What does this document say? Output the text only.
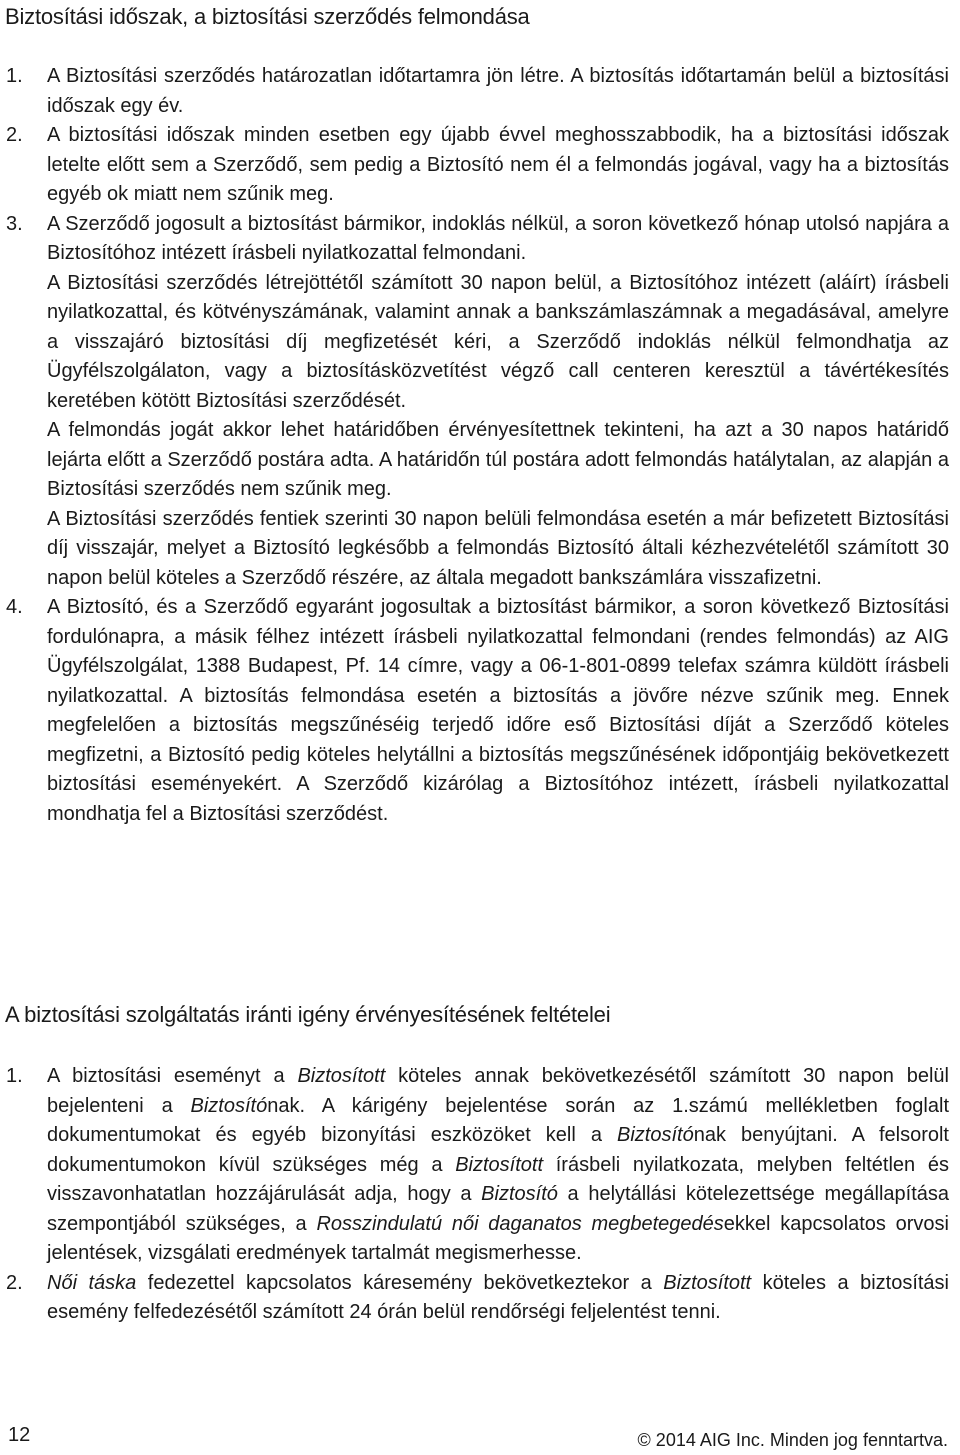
Biztosítási időszak, a biztosítási szerződés felmondása
1. A Biztosítási szerződés határozatlan időtartamra jön létre. A biztosítás időtartamán belül a biztosítási időszak egy év.

2. A biztosítási időszak minden esetben egy újabb évvel meghosszabbodik, ha a biztosítási időszak letelte előtt sem a Szerződő, sem pedig a Biztosító nem él a felmondás jogával, vagy ha a biztosítás egyéb ok miatt nem szűnik meg.

3. A Szerződő jogosult a biztosítást bármikor, indoklás nélkül, a soron következő hónap utolsó napjára a Biztosítóhoz intézett írásbeli nyilatkozattal felmondani.

A Biztosítási szerződés létrejöttétől számított 30 napon belül, a Biztosítóhoz intézett (aláírt) írásbeli nyilatkozattal, és kötvényszámának, valamint annak a bankszámlaszámnak a megadásával, amelyre a visszajáró biztosítási díj megfizetését kéri, a Szerződő indoklás nélkül felmondhatja az Ügyfélszolgálaton, vagy a biztosításközvetítést végző call centeren keresztül a távértékesítés keretében kötött Biztosítási szerződését.

A felmondás jogát akkor lehet határidőben érvényesítettnek tekinteni, ha azt a 30 napos határidő lejárta előtt a Szerződő postára adta. A határidőn túl postára adott felmondás hatálytalan, az alapján a Biztosítási szerződés nem szűnik meg.

A Biztosítási szerződés fentiek szerinti 30 napon belüli felmondása esetén a már befizetett Biztosítási díj visszajár, melyet a Biztosító legkésőbb a felmondás Biztosító általi kézhezvételétől számított 30 napon belül köteles a Szerződő részére, az általa megadott bankszámlára visszafizetni.

4. A Biztosító, és a Szerződő egyaránt jogosultak a biztosítást bármikor, a soron következő Biztosítási fordulónapra, a másik félhez intézett írásbeli nyilatkozattal felmondani (rendes felmondás) az AIG Ügyfélszolgálat, 1388 Budapest, Pf. 14 címre, vagy a 06-1-801-0899 telefax számra küldött írásbeli nyilatkozattal. A biztosítás felmondása esetén a biztosítás a jövőre nézve szűnik meg. Ennek megfelelően a biztosítás megszűnéséig terjedő időre eső Biztosítási díját a Szerződő köteles megfizetni, a Biztosító pedig köteles helytállni a biztosítás megszűnésének időpontjáig bekövetkezett biztosítási eseményekért. A Szerződő kizárólag a Biztosítóhoz intézett, írásbeli nyilatkozattal mondhatja fel a Biztosítási szerződést.

A biztosítási szolgáltatás iránti igény érvényesítésének feltételei
1. A biztosítási eseményt a Biztosított köteles annak bekövetkezésétől számított 30 napon belül bejelenteni a Biztosítónak. A kárigény bejelentése során az 1.számú mellékletben foglalt dokumentumokat és egyéb bizonyítási eszközöket kell a Biztosítónak benyújtani. A felsorolt dokumentumokon kívül szükséges még a Biztosított írásbeli nyilatkozata, melyben feltétlen és visszavonhatatlan hozzájárulását adja, hogy a Biztosító a helytállási kötelezettsége megállapítása szempontjából szükséges, a Rosszindulatú női daganatos megbetegedésekkel kapcsolatos orvosi jelentések, vizsgálati eredmények tartalmát megismerhesse.

2. Női táska fedezettel kapcsolatos káresemény bekövetkeztekor a Biztosított köteles a biztosítási esemény felfedezésétől számított 24 órán belül rendőrségi feljelentést tenni.

12	© 2014 AIG Inc. Minden jog fenntartva.
